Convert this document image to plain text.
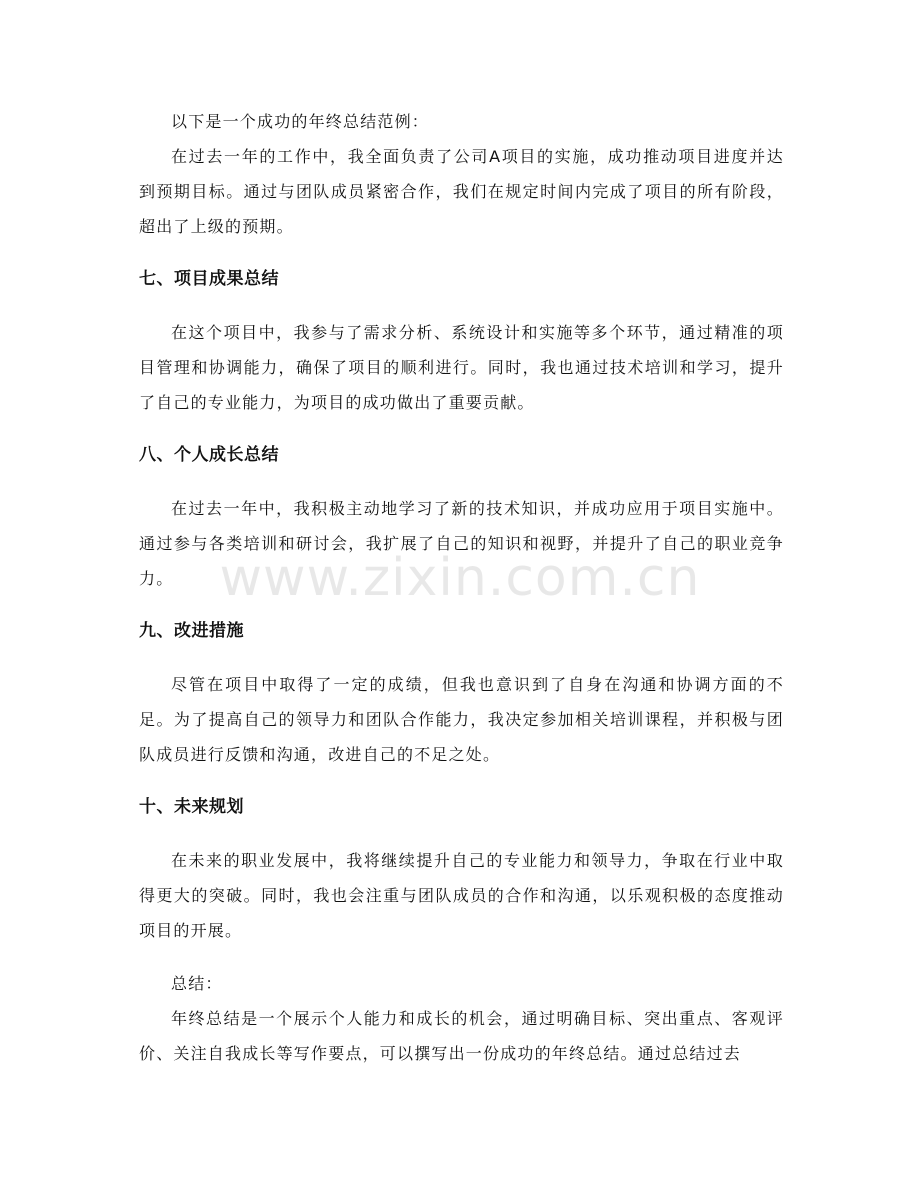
以下是一个成功的年终总结范例：

在过去一年的工作中，我全面负责了公司A项目的实施，成功推动项目进度并达到预期目标。通过与团队成员紧密合作，我们在规定时间内完成了项目的所有阶段，超出了上级的预期。

七、项目成果总结

在这个项目中，我参与了需求分析、系统设计和实施等多个环节，通过精准的项目管理和协调能力，确保了项目的顺利进行。同时，我也通过技术培训和学习，提升了自己的专业能力，为项目的成功做出了重要贡献。

八、个人成长总结

在过去一年中，我积极主动地学习了新的技术知识，并成功应用于项目实施中。通过参与各类培训和研讨会，我扩展了自己的知识和视野，并提升了自己的职业竞争力。

九、改进措施

尽管在项目中取得了一定的成绩，但我也意识到了自身在沟通和协调方面的不足。为了提高自己的领导力和团队合作能力，我决定参加相关培训课程，并积极与团队成员进行反馈和沟通，改进自己的不足之处。

十、未来规划

在未来的职业发展中，我将继续提升自己的专业能力和领导力，争取在行业中取得更大的突破。同时，我也会注重与团队成员的合作和沟通，以乐观积极的态度推动项目的开展。

总结：

年终总结是一个展示个人能力和成长的机会，通过明确目标、突出重点、客观评价、关注自我成长等写作要点，可以撰写出一份成功的年终总结。通过总结过去

www.zixin.com.cn
